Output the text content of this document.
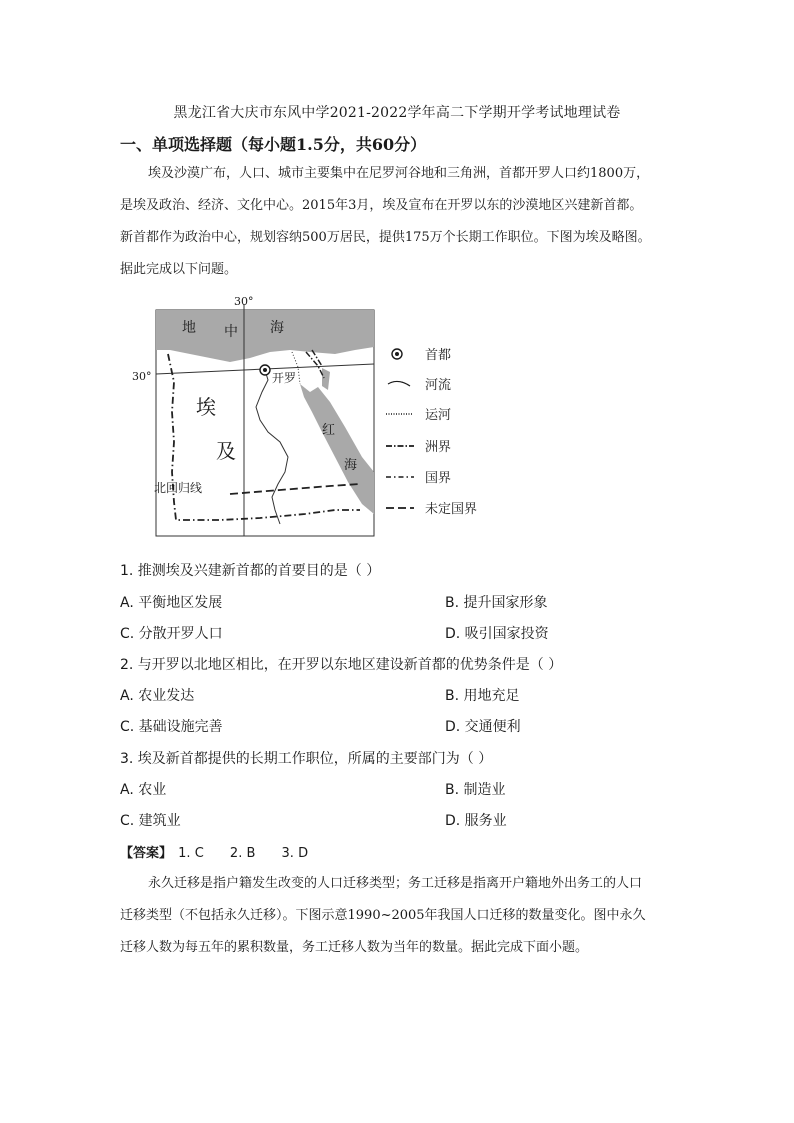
黑龙江省大庆市东风中学2021-2022学年高二下学期开学考试地理试卷
一、单项选择题（每小题1.5分，共60分）

埃及沙漠广布，人口、城市主要集中在尼罗河谷地和三角洲，首都开罗人口约1800万，

是埃及政治、经济、文化中心。2015年3月，埃及宣布在开罗以东的沙漠地区兴建新首都。

新首都作为政治中心，规划容纳500万居民，提供175万个长期工作职位。下图为埃及略图。

据此完成以下问题。

30°
30°
地 中 海
红
海
埃
及
开罗
北回归线
首都
河流
运河
洲界
国界
未定国界
1. 推测埃及兴建新首都的首要目的是（ ）
A. 平衡地区发展	B. 提升国家形象
C. 分散开罗人口	D. 吸引国家投资
2. 与开罗以北地区相比，在开罗以东地区建设新首都的优势条件是（ ）
A. 农业发达	B. 用地充足
C. 基础设施完善	D. 交通便利
3. 埃及新首都提供的长期工作职位，所属的主要部门为（ ）
A. 农业	B. 制造业
C. 建筑业	D. 服务业
【答案】 1. C 2. B 3. D

永久迁移是指户籍发生改变的人口迁移类型；务工迁移是指离开户籍地外出务工的人口

迁移类型（不包括永久迁移）。下图示意1990~2005年我国人口迁移的数量变化。图中永久

迁移人数为每五年的累积数量，务工迁移人数为当年的数量。据此完成下面小题。
